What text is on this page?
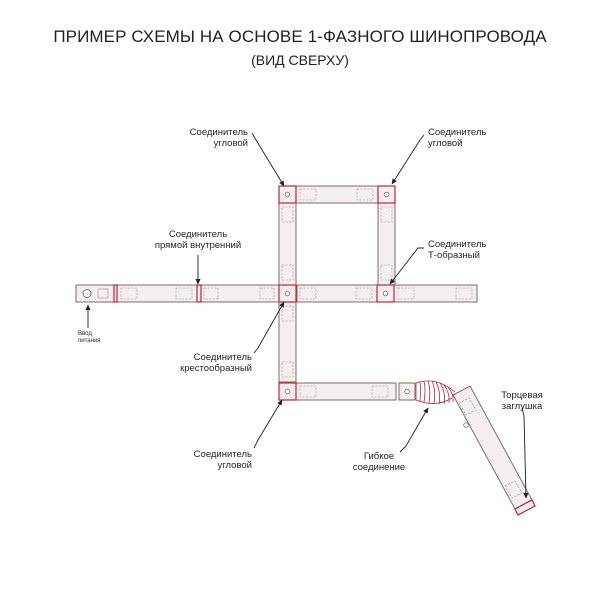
ПРИМЕР СХЕМЫ НА ОСНОВЕ 1-ФАЗНОГО ШИНОПРОВОДА
(ВИД СВЕРХУ)
Соединитель
угловой
Соединитель
угловой
Соединитель
прямой внутренний	Соединитель
Т-образный
Ввод
питания
Соединитель
крестообразный
Торцевая
заглушка
Соединитель
угловой
Гибкое
соединение
